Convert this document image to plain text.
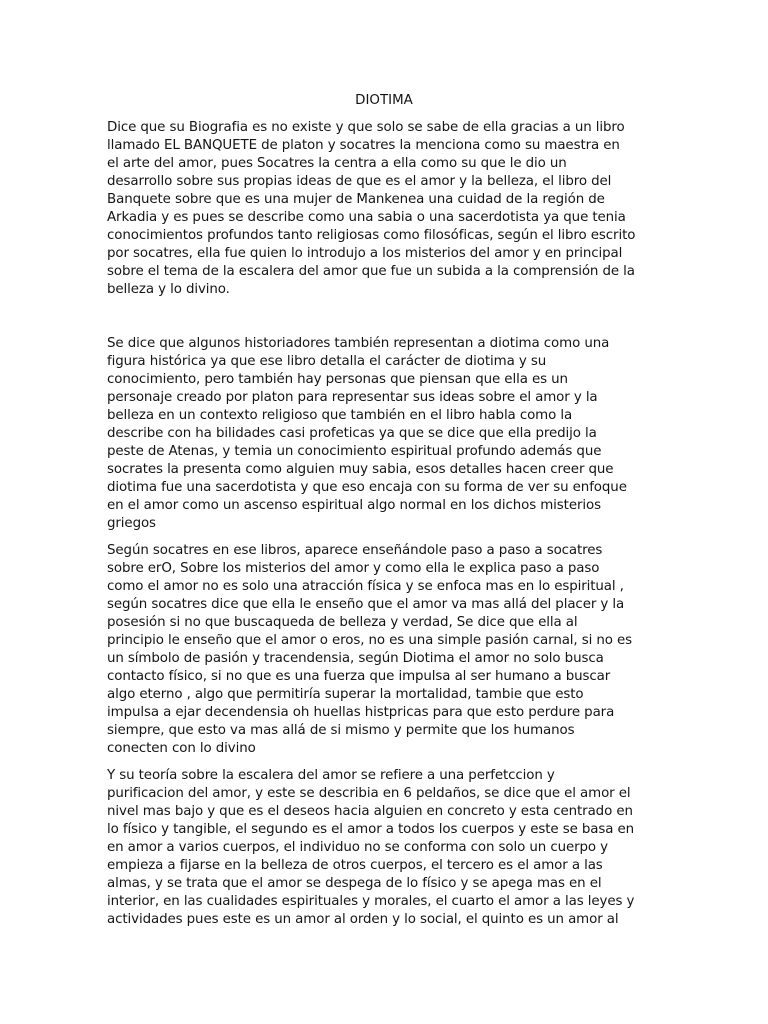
DIOTIMA

Dice que su Biografia es no existe y que solo se sabe de ella gracias a un libro
llamado EL BANQUETE de platon y socatres la menciona como su maestra en
el arte del amor, pues Socatres la centra a ella como su que le dio un
desarrollo sobre sus propias ideas de que es el amor y la belleza, el libro del
Banquete sobre que es una mujer de Mankenea una cuidad de la región de
Arkadia y es pues se describe como una sabia o una sacerdotista ya que tenia
conocimientos profundos tanto religiosas como filosóficas, según el libro escrito
por socatres, ella fue quien lo introdujo a los misterios del amor y en principal
sobre el tema de la escalera del amor que fue un subida a la comprensión de la
belleza y lo divino.

Se dice que algunos historiadores también representan a diotima como una
figura histórica ya que ese libro detalla el carácter de diotima y su
conocimiento, pero también hay personas que piensan que ella es un
personaje creado por platon para representar sus ideas sobre el amor y la
belleza en un contexto religioso que también en el libro habla como la
describe con ha bilidades casi profeticas ya que se dice que ella predijo la
peste de Atenas, y temia un conocimiento espiritual profundo además que
socrates la presenta como alguien muy sabia, esos detalles hacen creer que
diotima fue una sacerdotista y que eso encaja con su forma de ver su enfoque
en el amor como un ascenso espiritual algo normal en los dichos misterios
griegos

Según socatres en ese libros, aparece enseñándole paso a paso a socatres
sobre erO, Sobre los misterios del amor y como ella le explica paso a paso
como el amor no es solo una atracción física y se enfoca mas en lo espiritual ,
según socatres dice que ella le enseño que el amor va mas allá del placer y la
posesión si no que buscaqueda de belleza y verdad, Se dice que ella al
principio le enseño que el amor o eros, no es una simple pasión carnal, si no es
un símbolo de pasión y tracendensia, según Diotima el amor no solo busca
contacto físico, si no que es una fuerza que impulsa al ser humano a buscar
algo eterno , algo que permitiría superar la mortalidad, tambie que esto
impulsa a ejar decendensia oh huellas histpricas para que esto perdure para
siempre, que esto va mas allá de si mismo y permite que los humanos
conecten con lo divino

Y su teoría sobre la escalera del amor se refiere a una perfetccion y
purificacion del amor, y este se describia en 6 peldaños, se dice que el amor el
nivel mas bajo y que es el deseos hacia alguien en concreto y esta centrado en
lo físico y tangible, el segundo es el amor a todos los cuerpos y este se basa en
en amor a varios cuerpos, el individuo no se conforma con solo un cuerpo y
empieza a fijarse en la belleza de otros cuerpos, el tercero es el amor a las
almas, y se trata que el amor se despega de lo físico y se apega mas en el
interior, en las cualidades espirituales y morales, el cuarto el amor a las leyes y
actividades pues este es un amor al orden y lo social, el quinto es un amor al
